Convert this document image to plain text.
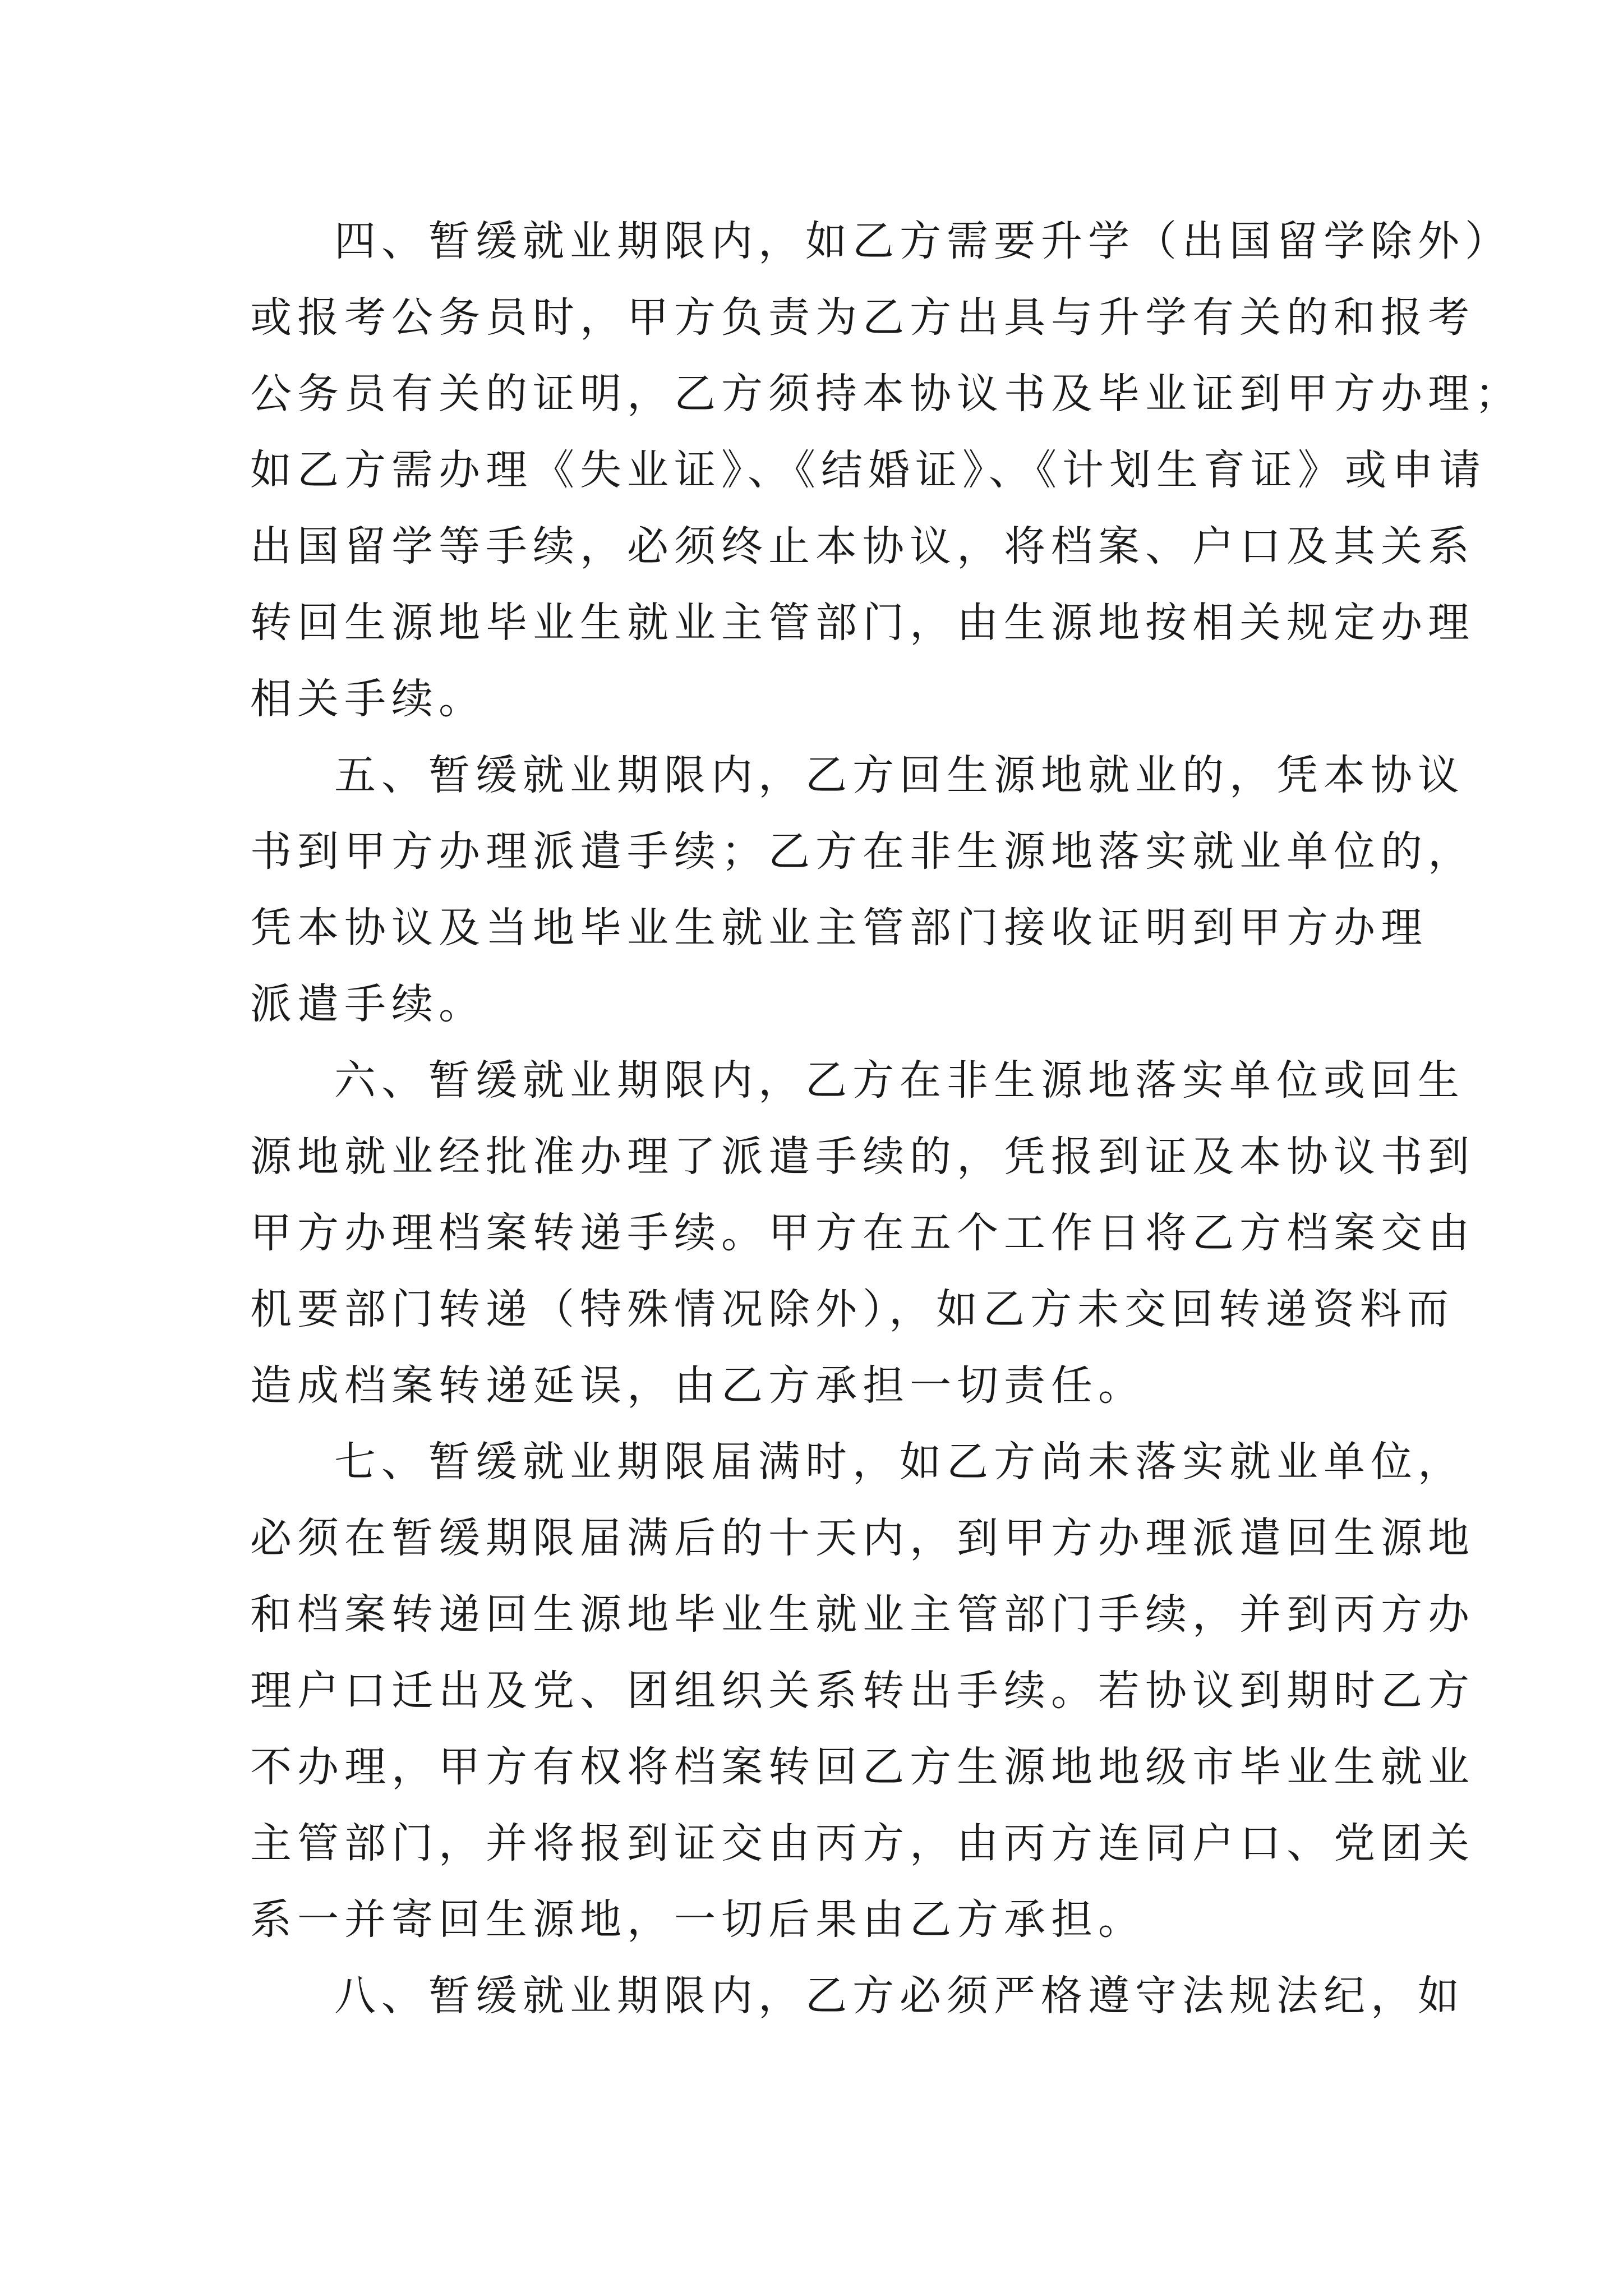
四、暂缓就业期限内，如乙方需要升学（出国留学除外）
或报考公务员时，甲方负责为乙方出具与升学有关的和报考
公务员有关的证明，乙方须持本协议书及毕业证到甲方办理；
如乙方需办理《失业证》、《结婚证》、《计划生育证》或申请
出国留学等手续，必须终止本协议，将档案、户口及其关系
转回生源地毕业生就业主管部门，由生源地按相关规定办理
相关手续。
五、暂缓就业期限内，乙方回生源地就业的，凭本协议
书到甲方办理派遣手续；乙方在非生源地落实就业单位的，
凭本协议及当地毕业生就业主管部门接收证明到甲方办理
派遣手续。
六、暂缓就业期限内，乙方在非生源地落实单位或回生
源地就业经批准办理了派遣手续的，凭报到证及本协议书到
甲方办理档案转递手续。甲方在五个工作日将乙方档案交由
机要部门转递（特殊情况除外），如乙方未交回转递资料而
造成档案转递延误，由乙方承担一切责任。
七、暂缓就业期限届满时，如乙方尚未落实就业单位，
必须在暂缓期限届满后的十天内，到甲方办理派遣回生源地
和档案转递回生源地毕业生就业主管部门手续，并到丙方办
理户口迁出及党、团组织关系转出手续。若协议到期时乙方
不办理，甲方有权将档案转回乙方生源地地级市毕业生就业
主管部门，并将报到证交由丙方，由丙方连同户口、党团关
系一并寄回生源地，一切后果由乙方承担。
八、暂缓就业期限内，乙方必须严格遵守法规法纪，如
